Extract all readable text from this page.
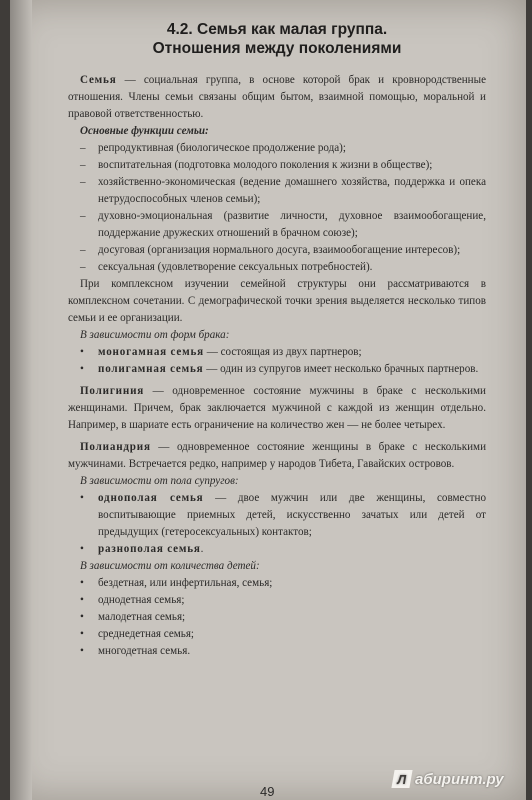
4.2. Семья как малая группа.
Отношения между поколениями

Семья — социальная группа, в основе которой брак и кровнородственные отношения. Члены семьи связаны общим бытом, взаимной помощью, моральной и правовой ответственностью.

Основные функции семьи:

– репродуктивная (биологическое продолжение рода);
– воспитательная (подготовка молодого поколения к жизни в обществе);
– хозяйственно-экономическая (ведение домашнего хозяйства, поддержка и опека нетрудоспособных членов семьи);
– духовно-эмоциональная (развитие личности, духовное взаимообогащение, поддержание дружеских отношений в брачном союзе);
– досуговая (организация нормального досуга, взаимообогащение интересов);
– сексуальная (удовлетворение сексуальных потребностей).

При комплексном изучении семейной структуры они рассматриваются в комплексном сочетании. С демографической точки зрения выделяется несколько типов семьи и ее организации.

В зависимости от форм брака:

• моногамная семья — состоящая из двух партнеров;
• полигамная семья — один из супругов имеет несколько брачных партнеров.

Полигиния — одновременное состояние мужчины в браке с несколькими женщинами. Причем, брак заключается мужчиной с каждой из женщин отдельно. Например, в шариате есть ограничение на количество жен — не более четырех.

Полиандрия — одновременное состояние женщины в браке с несколькими мужчинами. Встречается редко, например у народов Тибета, Гавайских островов.

В зависимости от пола супругов:

• однополая семья — двое мужчин или две женщины, совместно воспитывающие приемных детей, искусственно зачатых или детей от предыдущих (гетеросексуальных) контактов;
• разнополая семья.

В зависимости от количества детей:

• бездетная, или инфертильная, семья;
• однодетная семья;
• малодетная семья;
• среднедетная семья;
• многодетная семья.
49
Л абиринт.ру
